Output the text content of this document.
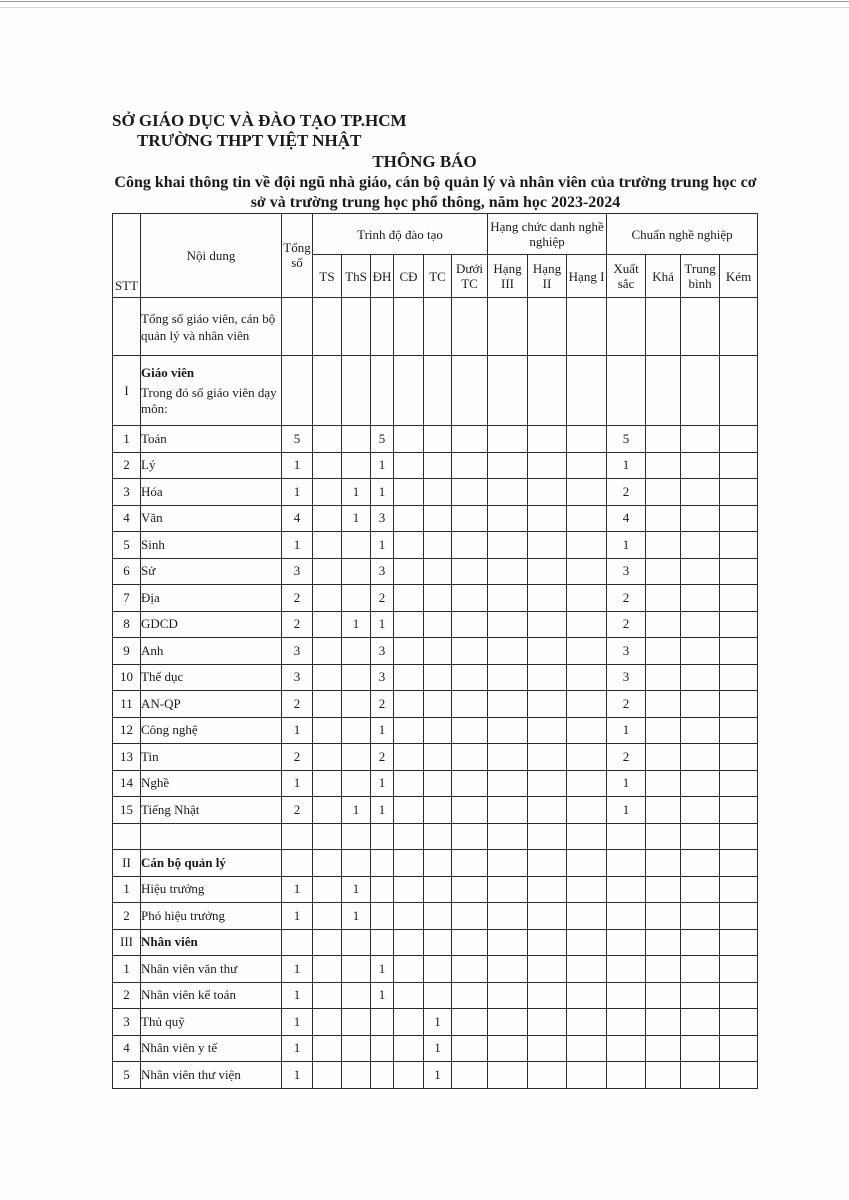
SỞ GIÁO DỤC VÀ ĐÀO TẠO TP.HCM
TRƯỜNG THPT VIỆT NHẬT
THÔNG BÁO
Công khai thông tin về đội ngũ nhà giáo, cán bộ quản lý và nhân viên của trường trung học cơ sở và trường trung học phổ thông, năm học 2023-2024
STT	Nội dung	Tổng số	Trình độ đào tạo						Hạng chức danh nghề nghiệp			Chuẩn nghề nghiệp			
			TS	ThS	ĐH	CĐ	TC	Dưới TC	Hạng III	Hạng II	Hạng I	Xuất sắc	Khá	Trung bình	Kém
	Tổng số giáo viên, cán bộ quản lý và nhân viên														
I	Giáo viên
Trong đó số giáo viên dạy môn:														

1	Toán	5			5							5			
2	Lý	1			1							1			
3	Hóa	1		1	1							2			
4	Văn	4		1	3							4			
5	Sinh	1			1							1			
6	Sử	3			3							3			
7	Địa	2			2							2			
8	GDCD	2		1	1							2			
9	Anh	3			3							3			
10	Thể dục	3			3							3			
11	AN-QP	2			2							2			
12	Công nghệ	1			1							1			
13	Tin	2			2							2			
14	Nghề	1			1							1			
15	Tiếng Nhật	2		1	1							1			

II	Cán bộ quản lý														
1	Hiệu trưởng	1		1											
2	Phó hiệu trưởng	1		1											
III	Nhân viên														
1	Nhân viên văn thư	1			1										
2	Nhân viên kế toán	1			1										
3	Thủ quỹ	1					1								
4	Nhân viên y tế	1					1								
5	Nhân viên thư viện	1					1								
